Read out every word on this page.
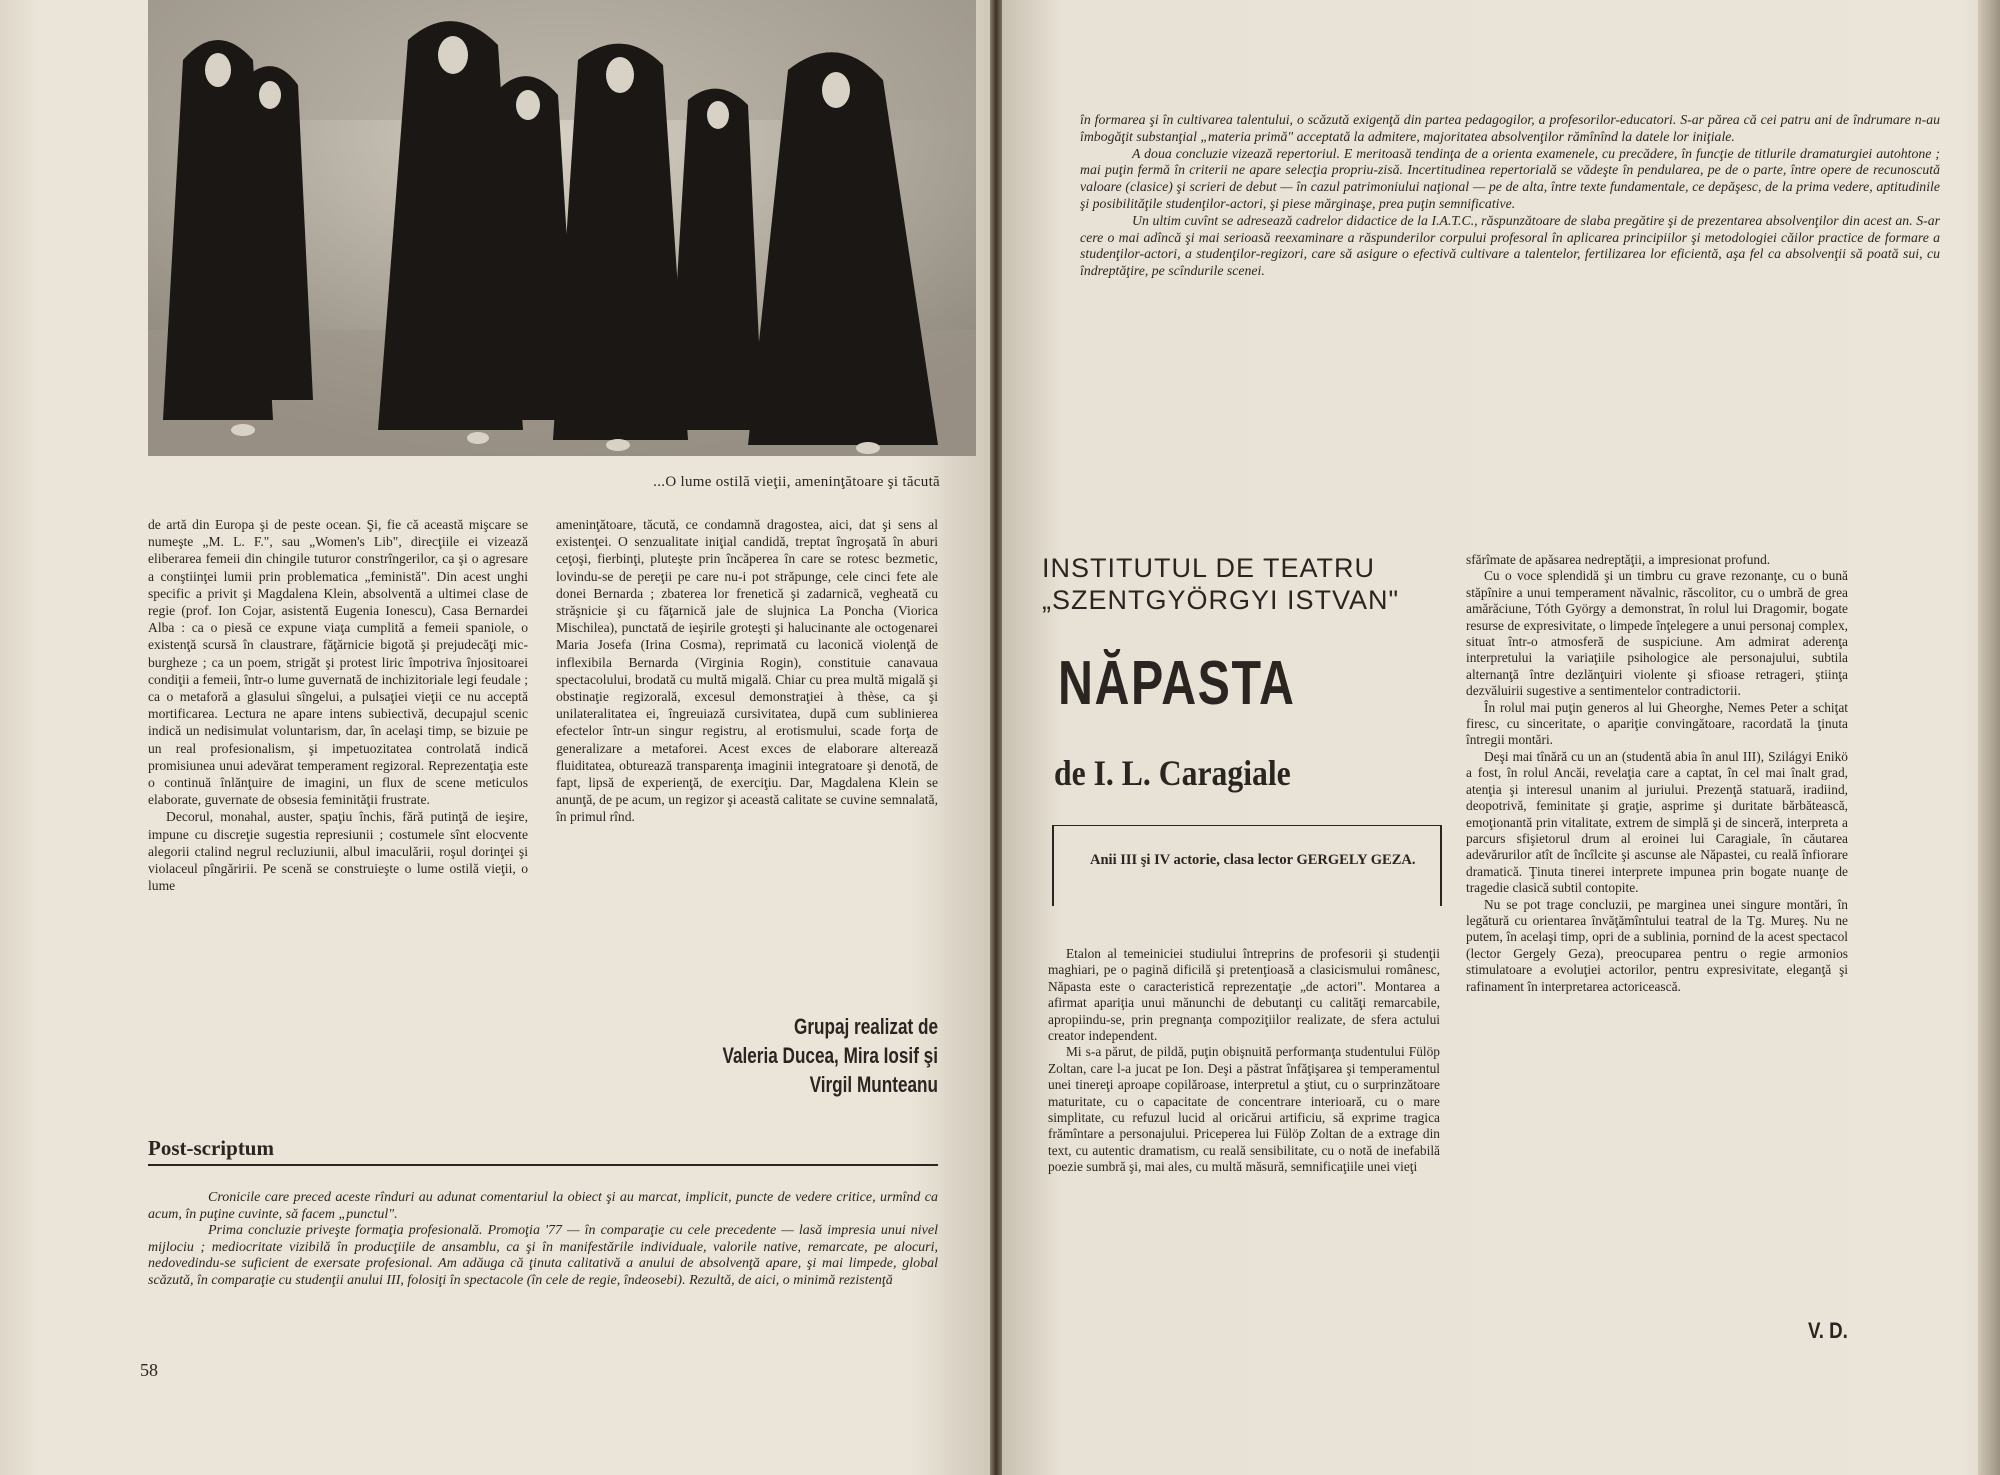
...O lume ostilă vieţii, ameninţătoare şi tăcută

de artă din Europa şi de peste ocean. Şi, fie că această mişcare se numeşte „M. L. F.", sau „Women's Lib", direcţiile ei vizează eliberarea femeii din chingile tuturor constrîngerilor, ca şi o agresare a conştiinţei lumii prin problematica „feministă". Din acest unghi specific a privit şi Magdalena Klein, absolventă a ultimei clase de regie (prof. Ion Cojar, asistentă Eugenia Ionescu), Casa Bernardei Alba : ca o piesă ce expune viaţa cumplită a femeii spaniole, o existenţă scursă în claustrare, făţărnicie bigotă şi prejudecăţi mic-burgheze ; ca un poem, strigăt şi protest liric împotriva înjositoarei condiţii a femeii, într-o lume guvernată de inchizitoriale legi feudale ; ca o metaforă a glasului sîngelui, a pulsaţiei vieţii ce nu acceptă mortificarea. Lectura ne apare intens subiectivă, decupajul scenic indică un nedisimulat voluntarism, dar, în acelaşi timp, se bizuie pe un real profesionalism, şi impetuozitatea controlată indică promisiunea unui adevărat temperament regizoral. Reprezentaţia este o continuă înlănţuire de imagini, un flux de scene meticulos elaborate, guvernate de obsesia feminităţii frustrate.

Decorul, monahal, auster, spaţiu închis, fără putinţă de ieşire, impune cu discreţie sugestia represiunii ; costumele sînt elocvente alegorii ctalind negrul recluziunii, albul imaculării, roşul dorinţei şi violaceul pîngăririi. Pe scenă se construieşte o lume ostilă vieţii, o lume

ameninţătoare, tăcută, ce condamnă dragostea, aici, dat şi sens al existenţei. O senzualitate iniţial candidă, treptat îngroşată în aburi ceţoşi, fierbinţi, pluteşte prin încăperea în care se rotesc bezmetic, lovindu-se de pereţii pe care nu-i pot străpunge, cele cinci fete ale donei Bernarda ; zbaterea lor frenetică şi zadarnică, vegheată cu străşnicie şi cu făţarnică jale de slujnica La Poncha (Viorica Mischilea), punctată de ieşirile groteşti şi halucinante ale octogenarei Maria Josefa (Irina Cosma), reprimată cu laconică violenţă de inflexibila Bernarda (Virginia Rogin), constituie canavaua spectacolului, brodată cu multă migală. Chiar cu prea multă migală şi obstinaţie regizorală, excesul demonstraţiei à thèse, ca şi unilateralitatea ei, îngreuiază cursivitatea, după cum sublinierea efectelor într-un singur registru, al erotismului, scade forţa de generalizare a metaforei. Acest exces de elaborare alterează fluiditatea, obturează transparenţa imaginii integratoare şi denotă, de fapt, lipsă de experienţă, de exerciţiu. Dar, Magdalena Klein se anunţă, de pe acum, un regizor şi această calitate se cuvine semnalată, în primul rînd.

Grupaj realizat de
Valeria Ducea, Mira Iosif şi
Virgil Munteanu
Post-scriptum

Cronicile care preced aceste rînduri au adunat comentariul la obiect şi au marcat, implicit, puncte de vedere critice, urmînd ca acum, în puţine cuvinte, să facem „punctul".

Prima concluzie priveşte formaţia profesională. Promoţia '77 — în comparaţie cu cele precedente — lasă impresia unui nivel mijlociu ; mediocritate vizibilă în producţiile de ansamblu, ca şi în manifestările individuale, valorile native, remarcate, pe alocuri, nedovedindu-se suficient de exersate profesional. Am adăuga că ţinuta calitativă a anului de absolvenţă apare, şi mai limpede, global scăzută, în comparaţie cu studenţii anului III, folosiţi în spectacole (în cele de regie, îndeosebi). Rezultă, de aici, o minimă rezistenţă

58

în formarea şi în cultivarea talentului, o scăzută exigenţă din partea pedagogilor, a profesorilor-educatori. S-ar părea că cei patru ani de îndrumare n-au îmbogăţit substanţial „materia primă" acceptată la admitere, majoritatea absolvenţilor rămînînd la datele lor iniţiale.

A doua concluzie vizează repertoriul. E meritoasă tendinţa de a orienta examenele, cu precădere, în funcţie de titlurile dramaturgiei autohtone ; mai puţin fermă în criterii ne apare selecţia propriu-zisă. Incertitudinea repertorială se vădeşte în pendularea, pe de o parte, între opere de recunoscută valoare (clasice) şi scrieri de debut — în cazul patrimoniului naţional — pe de alta, între texte fundamentale, ce depăşesc, de la prima vedere, aptitudinile şi posibilităţile studenţilor-actori, şi piese mărginaşe, prea puţin semnificative.

Un ultim cuvînt se adresează cadrelor didactice de la I.A.T.C., răspunzătoare de slaba pregătire şi de prezentarea absolvenţilor din acest an. S-ar cere o mai adîncă şi mai serioasă reexaminare a răspunderilor corpului profesoral în aplicarea principiilor şi metodologiei căilor practice de formare a studenţilor-actori, a studenţilor-regizori, care să asigure o efectivă cultivare a talentelor, fertilizarea lor eficientă, aşa fel ca absolvenţii să poată sui, cu îndreptăţire, pe scîndurile scenei.

INSTITUTUL DE TEATRU „SZENTGYÖRGYI ISTVAN"
NĂPASTA
de I. L. Caragiale
Anii III şi IV actorie, clasa lector GERGELY GEZA.

Etalon al temeiniciei studiului întreprins de profesorii şi studenţii maghiari, pe o pagină dificilă şi pretenţioasă a clasicismului românesc, Năpasta este o caracteristică reprezentaţie „de actori". Montarea a afirmat apariţia unui mănunchi de debutanţi cu calităţi remarcabile, apropiindu-se, prin pregnanţa compoziţiilor realizate, de sfera actului creator independent.

Mi s-a părut, de pildă, puţin obişnuită performanţa studentului Fülöp Zoltan, care l-a jucat pe Ion. Deşi a păstrat înfăţişarea şi temperamentul unei tinereţi aproape copilăroase, interpretul a ştiut, cu o surprinzătoare maturitate, cu o capacitate de concentrare interioară, cu o mare simplitate, cu refuzul lucid al oricărui artificiu, să exprime tragica frămîntare a personajului. Priceperea lui Fülöp Zoltan de a extrage din text, cu autentic dramatism, cu reală sensibilitate, cu o notă de inefabilă poezie sumbră şi, mai ales, cu multă măsură, semnificaţiile unei vieţi

sfărîmate de apăsarea nedreptăţii, a impresionat profund.

Cu o voce splendidă şi un timbru cu grave rezonanţe, cu o bună stăpînire a unui temperament năvalnic, răscolitor, cu o umbră de grea amărăciune, Tóth György a demonstrat, în rolul lui Dragomir, bogate resurse de expresivitate, o limpede înţelegere a unui personaj complex, situat într-o atmosferă de suspiciune. Am admirat aderenţa interpretului la variaţiile psihologice ale personajului, subtila alternanţă între dezlănţuiri violente şi sfioase retrageri, ştiinţa dezvăluirii sugestive a sentimentelor contradictorii.

În rolul mai puţin generos al lui Gheorghe, Nemes Peter a schiţat firesc, cu sinceritate, o apariţie convingătoare, racordată la ţinuta întregii montări.

Deşi mai tînără cu un an (studentă abia în anul III), Szilágyi Enikö a fost, în rolul Ancăi, revelaţia care a captat, în cel mai înalt grad, atenţia şi interesul unanim al juriului. Prezenţă statuară, iradiind, deopotrivă, feminitate şi graţie, asprime şi duritate bărbătească, emoţionantă prin vitalitate, extrem de simplă şi de sinceră, interpreta a parcurs sfişietorul drum al eroinei lui Caragiale, în căutarea adevărurilor atît de încîlcite şi ascunse ale Năpastei, cu reală înfiorare dramatică. Ţinuta tinerei interprete impunea prin bogate nuanţe de tragedie clasică subtil contopite.

Nu se pot trage concluzii, pe marginea unei singure montări, în legătură cu orientarea învăţămîntului teatral de la Tg. Mureş. Nu ne putem, în acelaşi timp, opri de a sublinia, pornind de la acest spectacol (lector Gergely Geza), preocuparea pentru o regie armonios stimulatoare a evoluţiei actorilor, pentru expresivitate, eleganţă şi rafinament în interpretarea actoricească.

V. D.
